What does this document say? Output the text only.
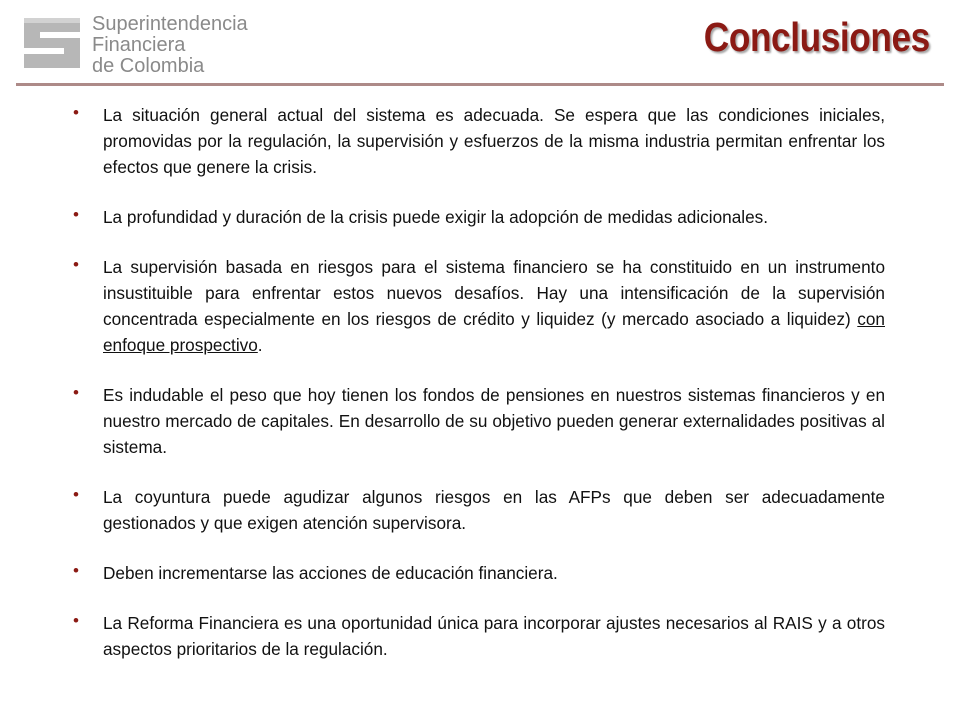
Superintendencia
Financiera
de Colombia
Conclusiones
• La situación general actual del sistema es adecuada. Se espera que las condiciones iniciales, promovidas por la regulación, la supervisión y esfuerzos de la misma industria permitan enfrentar los efectos que genere la crisis.
• La profundidad y duración de la crisis puede exigir la adopción de medidas adicionales.
• La supervisión basada en riesgos para el sistema financiero se ha constituido en un instrumento insustituible para enfrentar estos nuevos desafíos. Hay una intensificación de la supervisión concentrada especialmente en los riesgos de crédito y liquidez (y mercado asociado a liquidez) con enfoque prospectivo.
• Es indudable el peso que hoy tienen los fondos de pensiones en nuestros sistemas financieros y en nuestro mercado de capitales. En desarrollo de su objetivo pueden generar externalidades positivas al sistema.
• La coyuntura puede agudizar algunos riesgos en las AFPs que deben ser adecuadamente gestionados y que exigen atención supervisora.
• Deben incrementarse las acciones de educación financiera.
• La Reforma Financiera es una oportunidad única para incorporar ajustes necesarios al RAIS y a otros aspectos prioritarios de la regulación.
